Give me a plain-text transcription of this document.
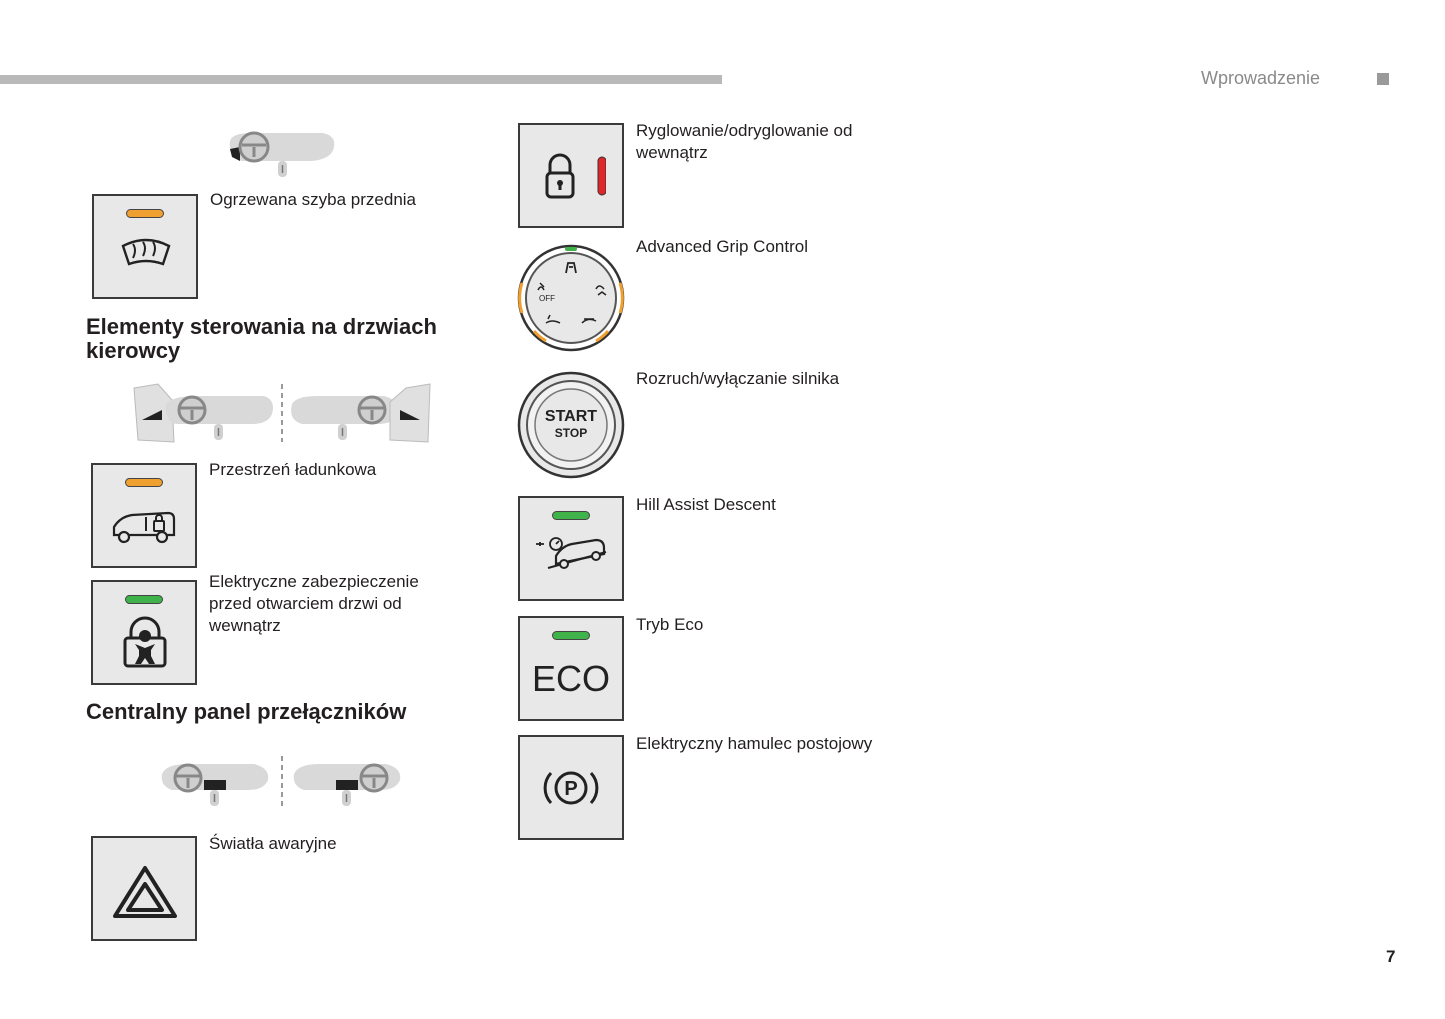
Wprowadzenie
Ogrzewana szyba przednia
Elementy sterowania na drzwiach
kierowcy
Przestrzeń ładunkowa
Elektryczne zabezpieczenie
przed otwarciem drzwi od
wewnątrz
Centralny panel przełączników
Światła awaryjne
Ryglowanie/odryglowanie od
wewnątrz
OFF
Advanced Grip Control
START
STOP
Rozruch/wyłączanie silnika
Hill Assist Descent
ECO
Tryb Eco
P
Elektryczny hamulec postojowy
7
